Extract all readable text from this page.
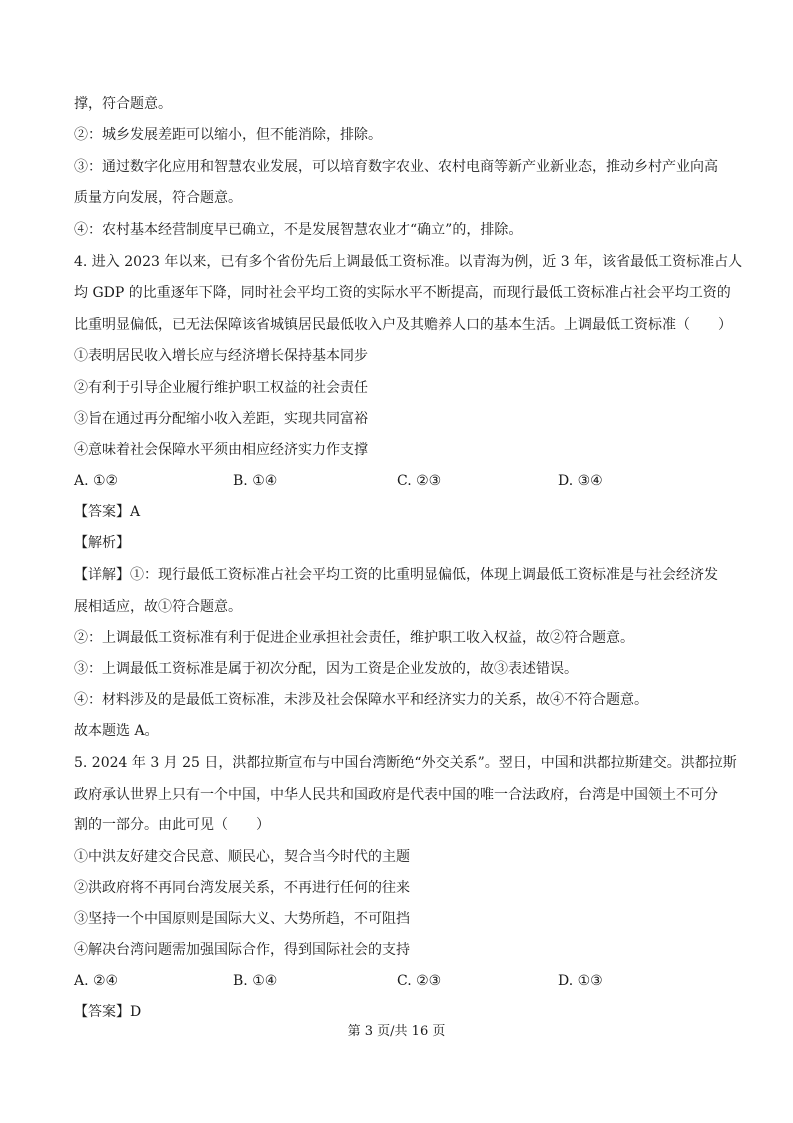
撑，符合题意。
②：城乡发展差距可以缩小，但不能消除，排除。
③：通过数字化应用和智慧农业发展，可以培育数字农业、农村电商等新产业新业态，推动乡村产业向高
质量方向发展，符合题意。
④：农村基本经营制度早已确立，不是发展智慧农业才“确立”的，排除。
4. 进入 2023 年以来，已有多个省份先后上调最低工资标准。以青海为例，近 3 年，该省最低工资标准占人
均 GDP 的比重逐年下降，同时社会平均工资的实际水平不断提高，而现行最低工资标准占社会平均工资的
比重明显偏低，已无法保障该省城镇居民最低收入户及其赡养人口的基本生活。上调最低工资标准（　　）
①表明居民收入增长应与经济增长保持基本同步
②有利于引导企业履行维护职工权益的社会责任
③旨在通过再分配缩小收入差距，实现共同富裕
④意味着社会保障水平须由相应经济实力作支撑
A. ①②	B. ①④	C. ②③	D. ③④
【答案】A
【解析】
【详解】①：现行最低工资标准占社会平均工资的比重明显偏低，体现上调最低工资标准是与社会经济发
展相适应，故①符合题意。
②：上调最低工资标准有利于促进企业承担社会责任，维护职工收入权益，故②符合题意。
③：上调最低工资标准是属于初次分配，因为工资是企业发放的，故③表述错误。
④：材料涉及的是最低工资标准，未涉及社会保障水平和经济实力的关系，故④不符合题意。
故本题选 A。
5. 2024 年 3 月 25 日，洪都拉斯宣布与中国台湾断绝“外交关系”。翌日，中国和洪都拉斯建交。洪都拉斯
政府承认世界上只有一个中国，中华人民共和国政府是代表中国的唯一合法政府，台湾是中国领土不可分
割的一部分。由此可见（　　）
①中洪友好建交合民意、顺民心，契合当今时代的主题
②洪政府将不再同台湾发展关系，不再进行任何的往来
③坚持一个中国原则是国际大义、大势所趋，不可阻挡
④解决台湾问题需加强国际合作，得到国际社会的支持
A. ②④	B. ①④	C. ②③	D. ①③
【答案】D
第 3 页/共 16 页
